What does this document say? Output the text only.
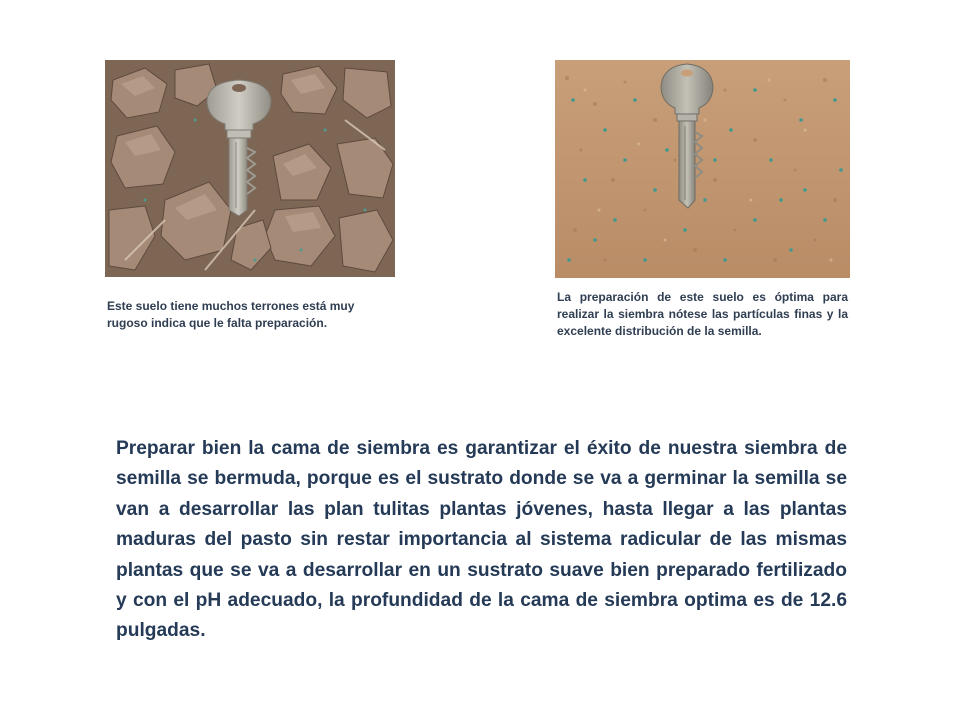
Este suelo tiene muchos terrones está muy rugoso indica que le falta preparación.

La preparación de este suelo es óptima para realizar la siembra nótese las partículas finas y la excelente distribución de la semilla.

Preparar bien la cama de siembra es garantizar el éxito de nuestra siembra de semilla se bermuda, porque es el sustrato donde se va a germinar la semilla se van a desarrollar las plan tulitas plantas jóvenes, hasta llegar a las plantas maduras del pasto sin restar importancia al sistema radicular de las mismas plantas que se va a desarrollar en un sustrato suave bien preparado fertilizado y con el pH adecuado, la profundidad de la cama de siembra optima es de 12.6 pulgadas.
